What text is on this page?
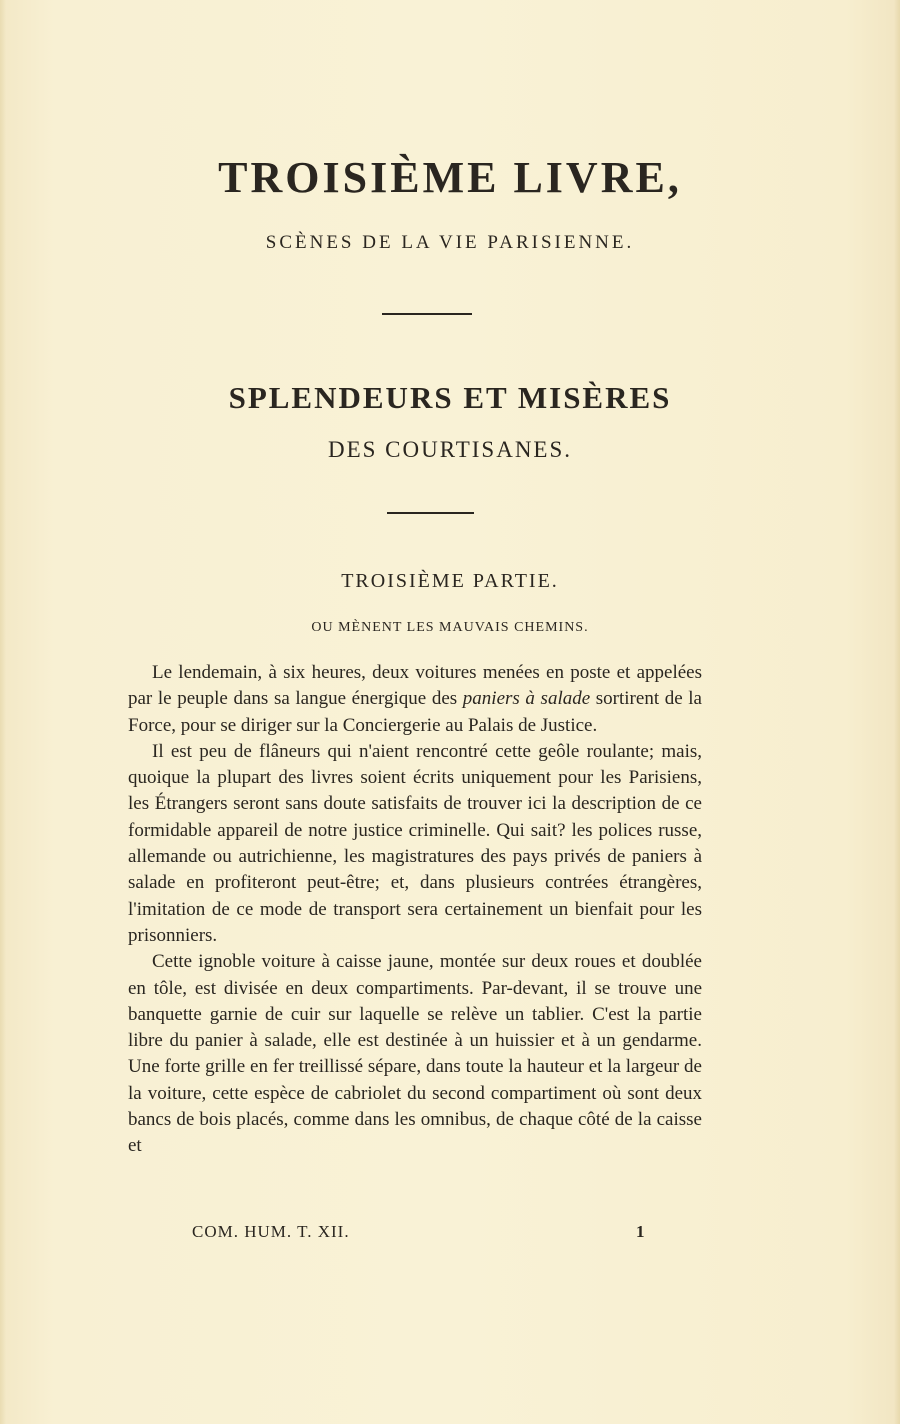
TROISIÈME LIVRE,
SCÈNES DE LA VIE PARISIENNE.
SPLENDEURS ET MISÈRES
DES COURTISANES.
TROISIÈME PARTIE.
OU MÈNENT LES MAUVAIS CHEMINS.

Le lendemain, à six heures, deux voitures menées en poste et appelées par le peuple dans sa langue énergique des paniers à salade sortirent de la Force, pour se diriger sur la Conciergerie au Palais de Justice.

Il est peu de flâneurs qui n'aient rencontré cette geôle roulante; mais, quoique la plupart des livres soient écrits uniquement pour les Parisiens, les Étrangers seront sans doute satisfaits de trouver ici la description de ce formidable appareil de notre justice criminelle. Qui sait? les polices russe, allemande ou autrichienne, les magistratures des pays privés de paniers à salade en profiteront peut-être; et, dans plusieurs contrées étrangères, l'imitation de ce mode de transport sera certainement un bienfait pour les prisonniers.

Cette ignoble voiture à caisse jaune, montée sur deux roues et doublée en tôle, est divisée en deux compartiments. Par-devant, il se trouve une banquette garnie de cuir sur laquelle se relève un tablier. C'est la partie libre du panier à salade, elle est destinée à un huissier et à un gendarme. Une forte grille en fer treillissé sépare, dans toute la hauteur et la largeur de la voiture, cette espèce de cabriolet du second compartiment où sont deux bancs de bois placés, comme dans les omnibus, de chaque côté de la caisse et

COM. HUM. T. XII.	1
